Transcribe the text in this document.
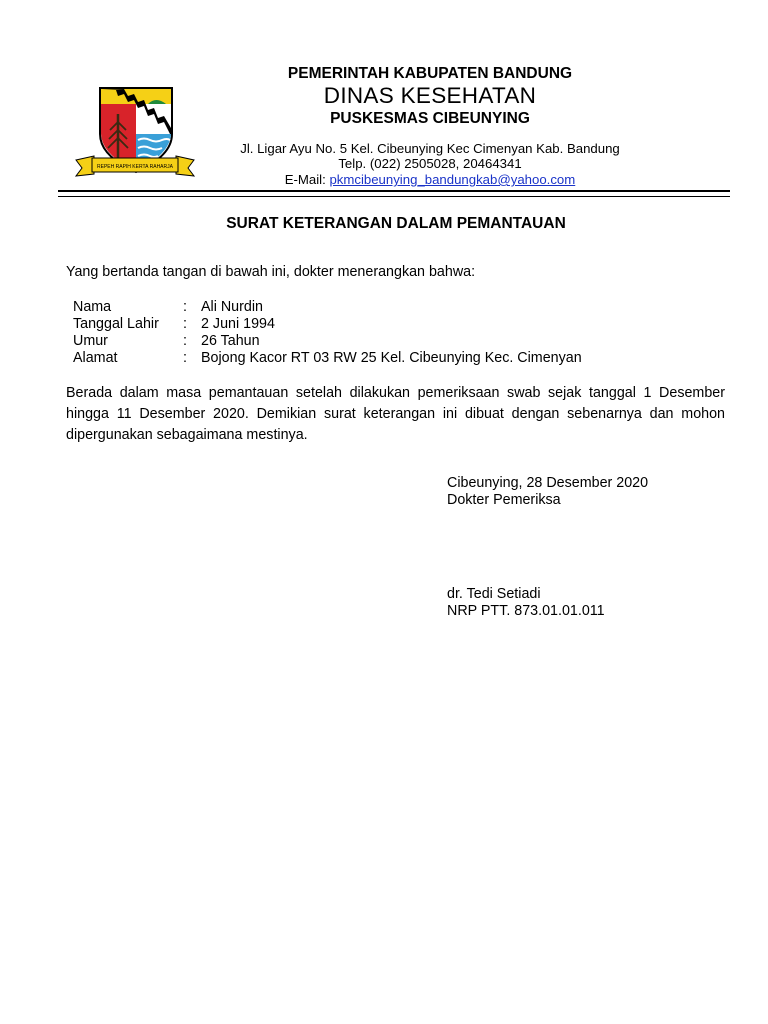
REPEH RAPIH KERTA RAHARJA

PEMERINTAH KABUPATEN BANDUNG

DINAS KESEHATAN

PUSKESMAS CIBEUNYING

Jl. Ligar Ayu No. 5 Kel. Cibeunying Kec Cimenyan Kab. Bandung

Telp. (022) 2505028, 20464341

E-Mail: pkmcibeunying_bandungkab@yahoo.com

SURAT KETERANGAN DALAM PEMANTAUAN

Yang bertanda tangan di bawah ini, dokter menerangkan bahwa:

Nama	: Ali Nurdin
Tanggal Lahir : 2 Juni 1994
Umur	: 26 Tahun
Alamat	: Bojong Kacor RT 03 RW 25 Kel. Cibeunying Kec. Cimenyan

Berada dalam masa pemantauan setelah dilakukan pemeriksaan swab sejak tanggal 1 Desember hingga 11 Desember 2020. Demikian surat keterangan ini dibuat dengan sebenarnya dan mohon dipergunakan sebagaimana mestinya.

Cibeunying, 28 Desember 2020

Dokter Pemeriksa

dr. Tedi Setiadi

NRP PTT. 873.01.01.011
